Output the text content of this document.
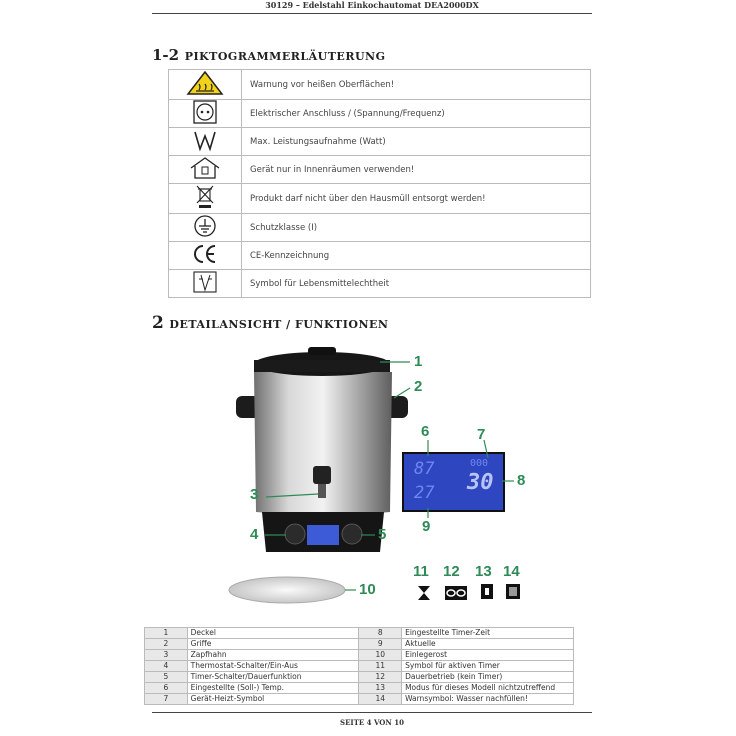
30129 – Edelstahl Einkochautomat DEA2000DX
1-2 PIKTOGRAMMERLÄUTERUNG
	Warnung vor heißen Oberflächen!
	Elektrischer Anschluss / (Spannung/Frequenz)
	Max. Leistungsaufnahme (Watt)
	Gerät nur in Innenräumen verwenden!
	Produkt darf nicht über den Hausmüll entsorgt werden!
	Schutzklasse (I)
	CE-Kennzeichnung
	Symbol für Lebensmittelechtheit
2 DETAILANSICHT / FUNKTIONEN
87
27
000
30
1
2
3
4	5
6	7
8
9
10
11 12 13 14
1	Deckel	8	Eingestellte Timer-Zeit
2	Griffe	9	Aktuelle
3	Zapfhahn	10	Einlegerost
4	Thermostat-Schalter/Ein-Aus	11	Symbol für aktiven Timer
5	Timer-Schalter/Dauerfunktion	12	Dauerbetrieb (kein Timer)
6	Eingestellte (Soll-) Temp.	13	Modus für dieses Modell nichtzutreffend
7	Gerät-Heizt-Symbol	14	Warnsymbol: Wasser nachfüllen!
SEITE 4 VON 10
